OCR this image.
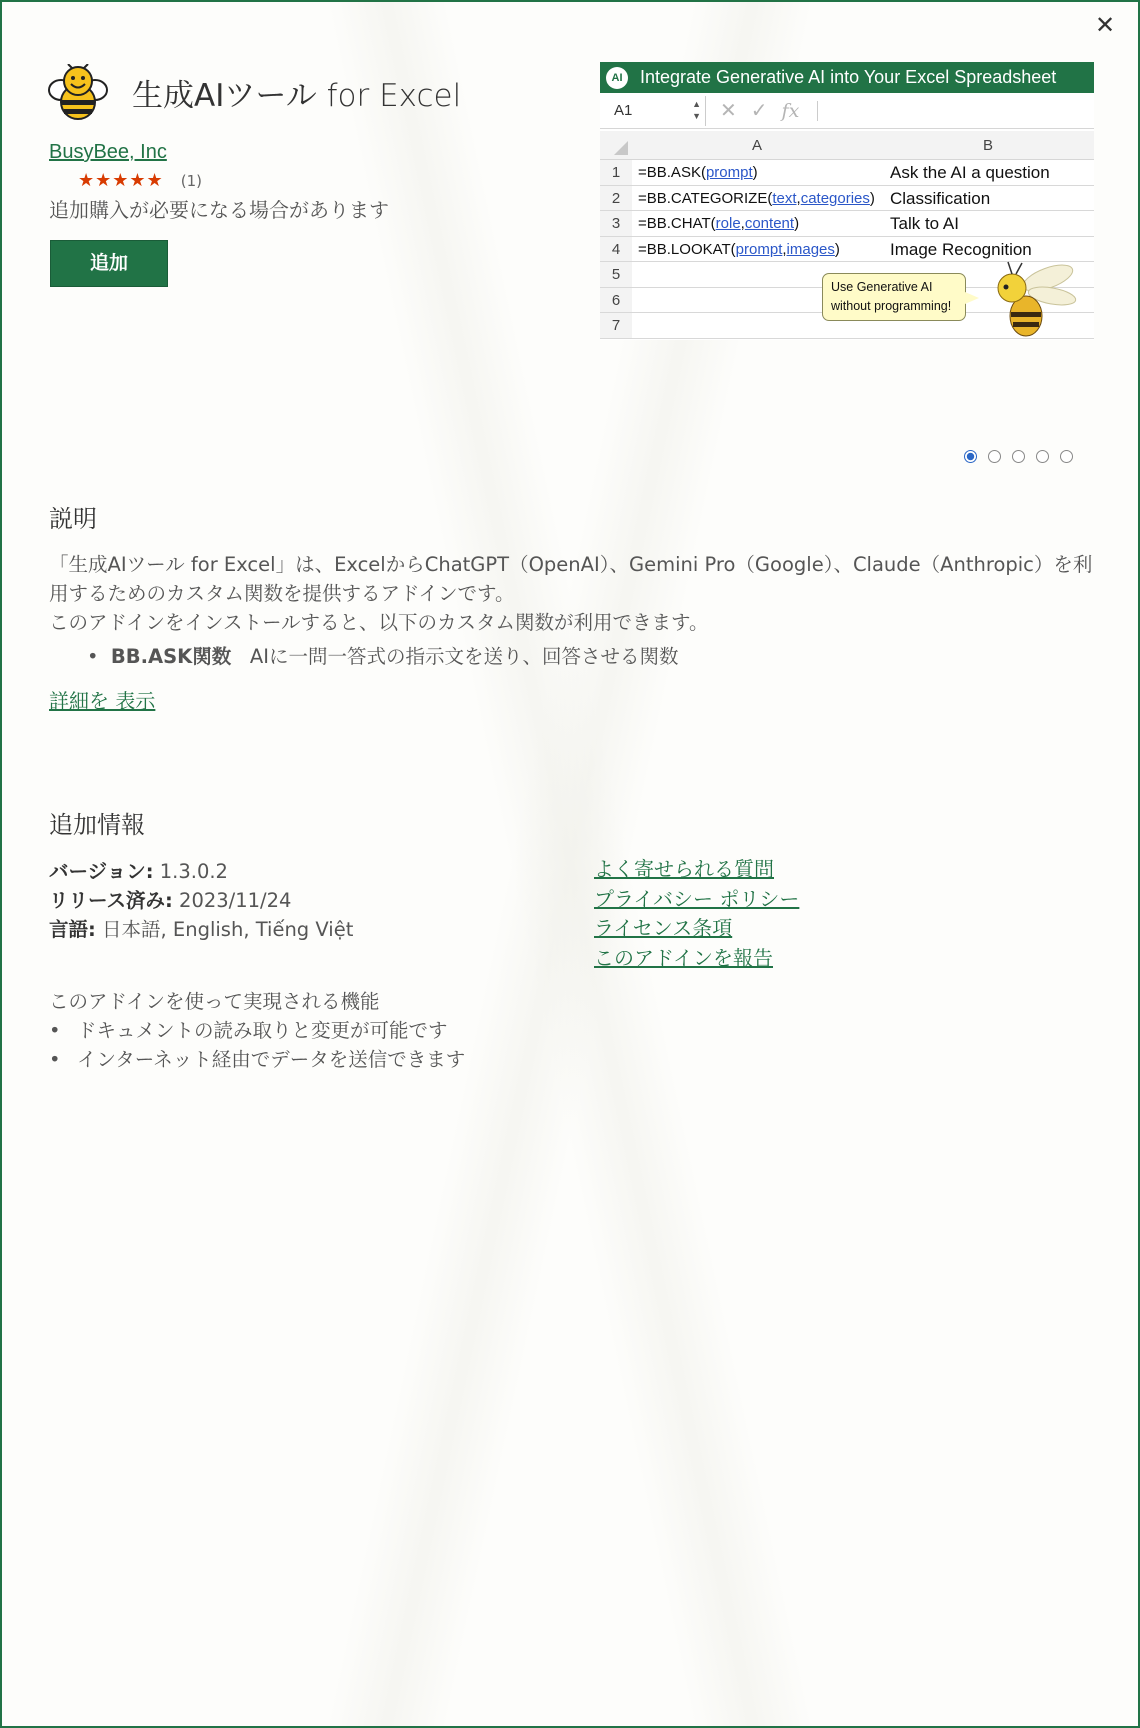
✕
生成AIツール for Excel
BusyBee, Inc
★★★★★ (1)
追加購入が必要になる場合があります
追加
AI Integrate Generative AI into Your Excel Spreadsheet
A1	▲
▼ ✕ ✓ fx
A	B
1	=BB.ASK(prompt)	Ask the AI a question
2	=BB.CATEGORIZE(text,categories) Classification
3	=BB.CHAT(role,content)	Talk to AI
4	=BB.LOOKAT(prompt,images)	Image Recognition
5
6
7
Use Generative AI
without programming!
説明
「生成AIツール for Excel」は、ExcelからChatGPT（OpenAI）、Gemini Pro（Google）、Claude（Anthropic）を利用するためのカスタム関数を提供するアドインです。
このアドインをインストールすると、以下のカスタム関数が利用できます。
•  BB.ASK関数 AIに一問一答式の指示文を送り、回答させる関数
詳細を 表示
追加情報
バージョン: 1.3.0.2
リリース済み: 2023/11/24
言語: 日本語, English, Tiếng Việt
よく寄せられる質問
プライバシー ポリシー
ライセンス条項
このアドインを報告
このアドインを使って実現される機能
• ドキュメントの読み取りと変更が可能です
• インターネット経由でデータを送信できます
